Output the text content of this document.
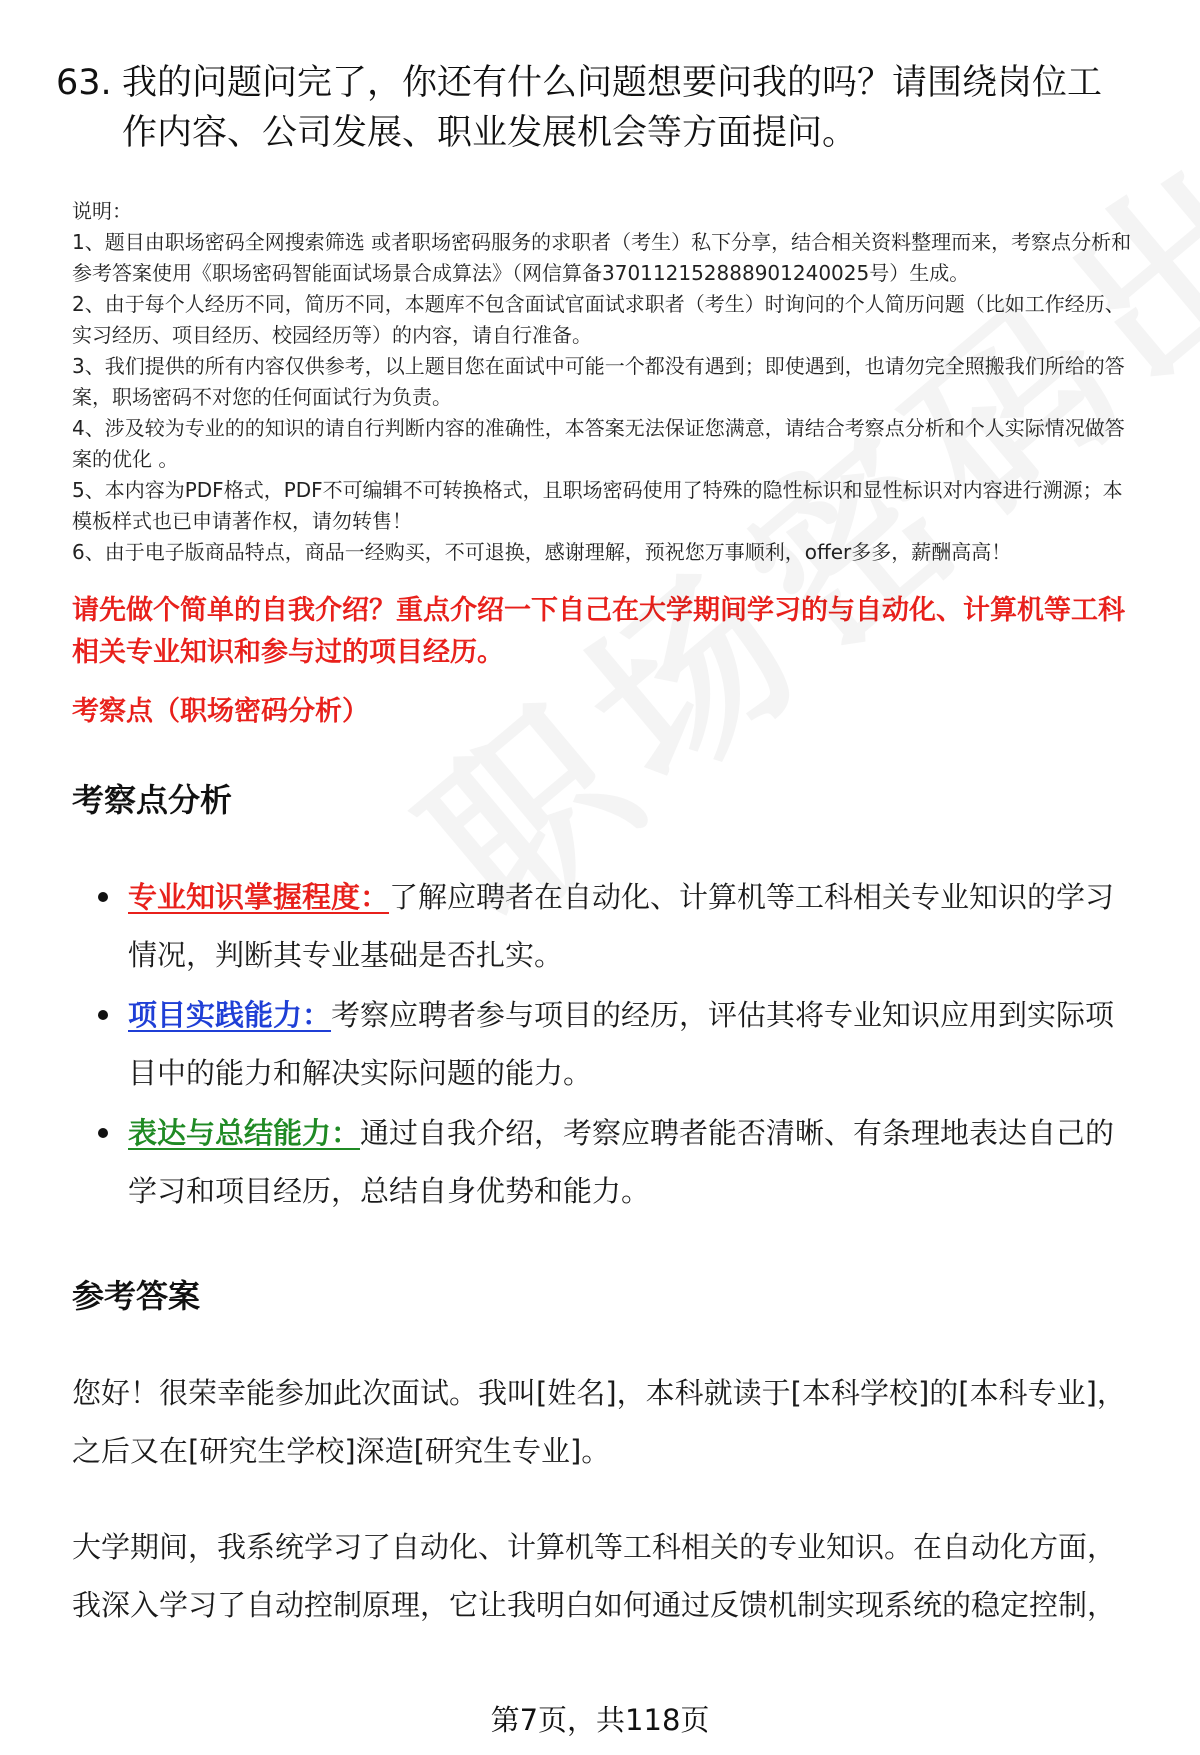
63. 我的问题问完了，你还有什么问题想要问我的吗？请围绕岗位工作内容、公司发展、职业发展机会等方面提问。

说明：

1、题目由职场密码全网搜索筛选 或者职场密码服务的求职者（考生）私下分享，结合相关资料整理而来，考察点分析和参考答案使用《职场密码智能面试场景合成算法》（网信算备370112152888901240025号）生成。

2、由于每个人经历不同，简历不同，本题库不包含面试官面试求职者（考生）时询问的个人简历问题（比如工作经历、实习经历、项目经历、校园经历等）的内容，请自行准备。

3、我们提供的所有内容仅供参考，以上题目您在面试中可能一个都没有遇到；即使遇到，也请勿完全照搬我们所给的答案，职场密码不对您的任何面试行为负责。

4、涉及较为专业的的知识的请自行判断内容的准确性，本答案无法保证您满意，请结合考察点分析和个人实际情况做答案的优化 。

5、本内容为PDF格式，PDF不可编辑不可转换格式，且职场密码使用了特殊的隐性标识和显性标识对内容进行溯源；本模板样式也已申请著作权，请勿转售！

6、由于电子版商品特点，商品一经购买，不可退换，感谢理解，预祝您万事顺利，offer多多，薪酬高高！

请先做个简单的自我介绍？重点介绍一下自己在大学期间学习的与自动化、计算机等工科相关专业知识和参与过的项目经历。
考察点（职场密码分析）
考察点分析
专业知识掌握程度：了解应聘者在自动化、计算机等工科相关专业知识的学习情况，判断其专业基础是否扎实。
项目实践能力：考察应聘者参与项目的经历，评估其将专业知识应用到实际项目中的能力和解决实际问题的能力。
表达与总结能力：通过自我介绍，考察应聘者能否清晰、有条理地表达自己的学习和项目经历，总结自身优势和能力。
参考答案

您好！很荣幸能参加此次面试。我叫[姓名]，本科就读于[本科学校]的[本科专业]，之后又在[研究生学校]深造[研究生专业]。

大学期间，我系统学习了自动化、计算机等工科相关的专业知识。在自动化方面，我深入学习了自动控制原理，它让我明白如何通过反馈机制实现系统的稳定控制，

第7页，共118页
